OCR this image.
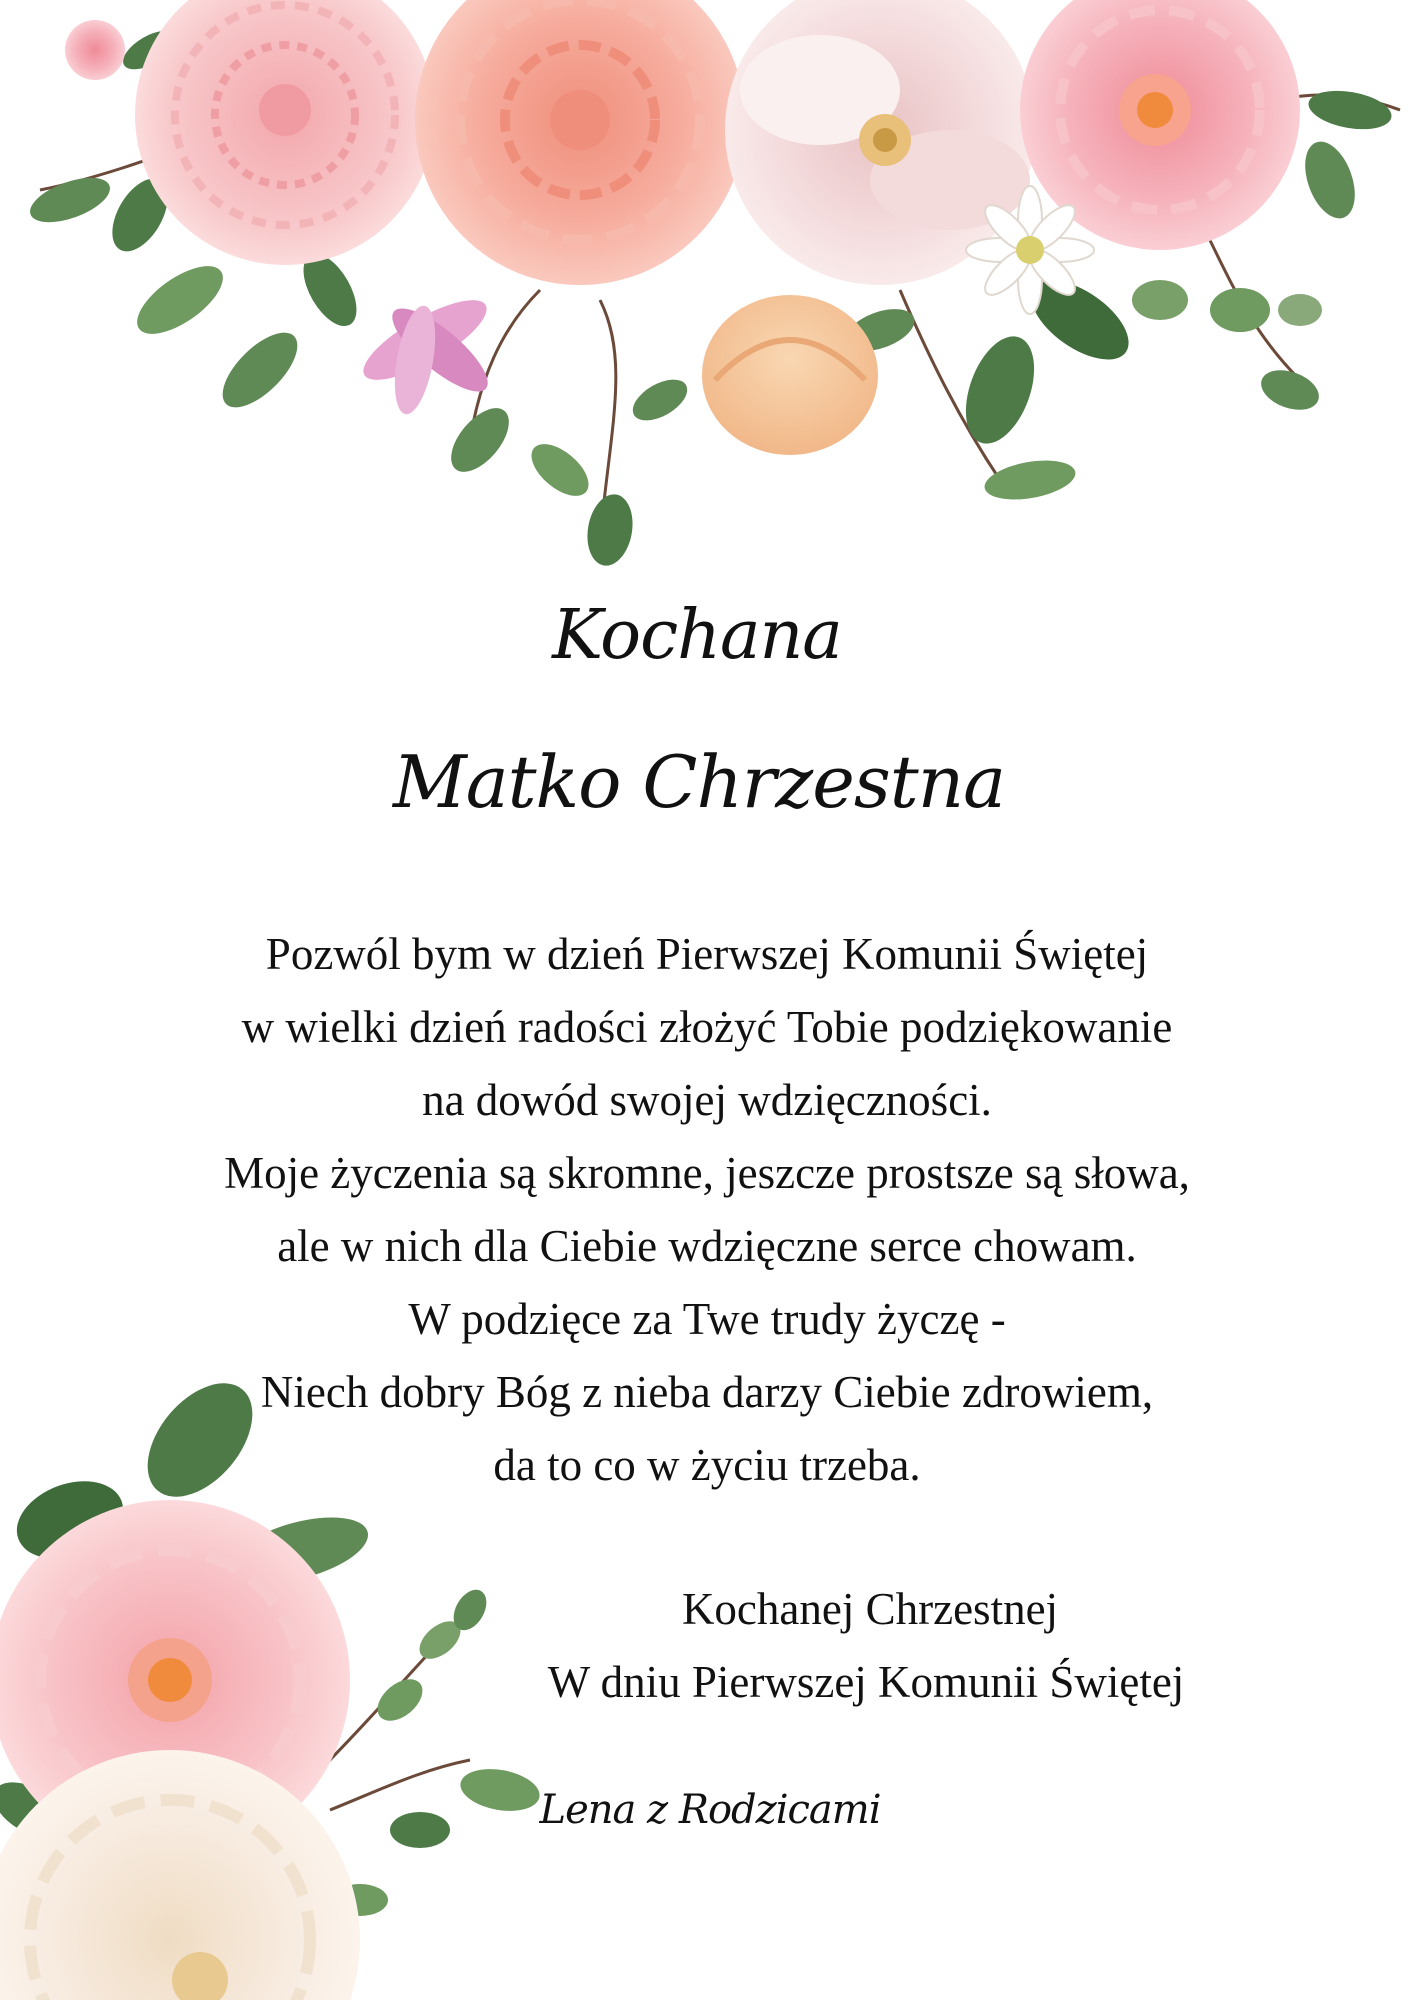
Kochana
Matko Chrzestna
Pozwól bym w dzień Pierwszej Komunii Świętej
w wielki dzień radości złożyć Tobie podziękowanie
na dowód swojej wdzięczności.
Moje życzenia są skromne, jeszcze prostsze są słowa,
ale w nich dla Ciebie wdzięczne serce chowam.
W podzięce za Twe trudy życzę -
Niech dobry Bóg z nieba darzy Ciebie zdrowiem,
da to co w życiu trzeba.
Kochanej Chrzestnej
W dniu Pierwszej Komunii Świętej
Lena z Rodzicami
